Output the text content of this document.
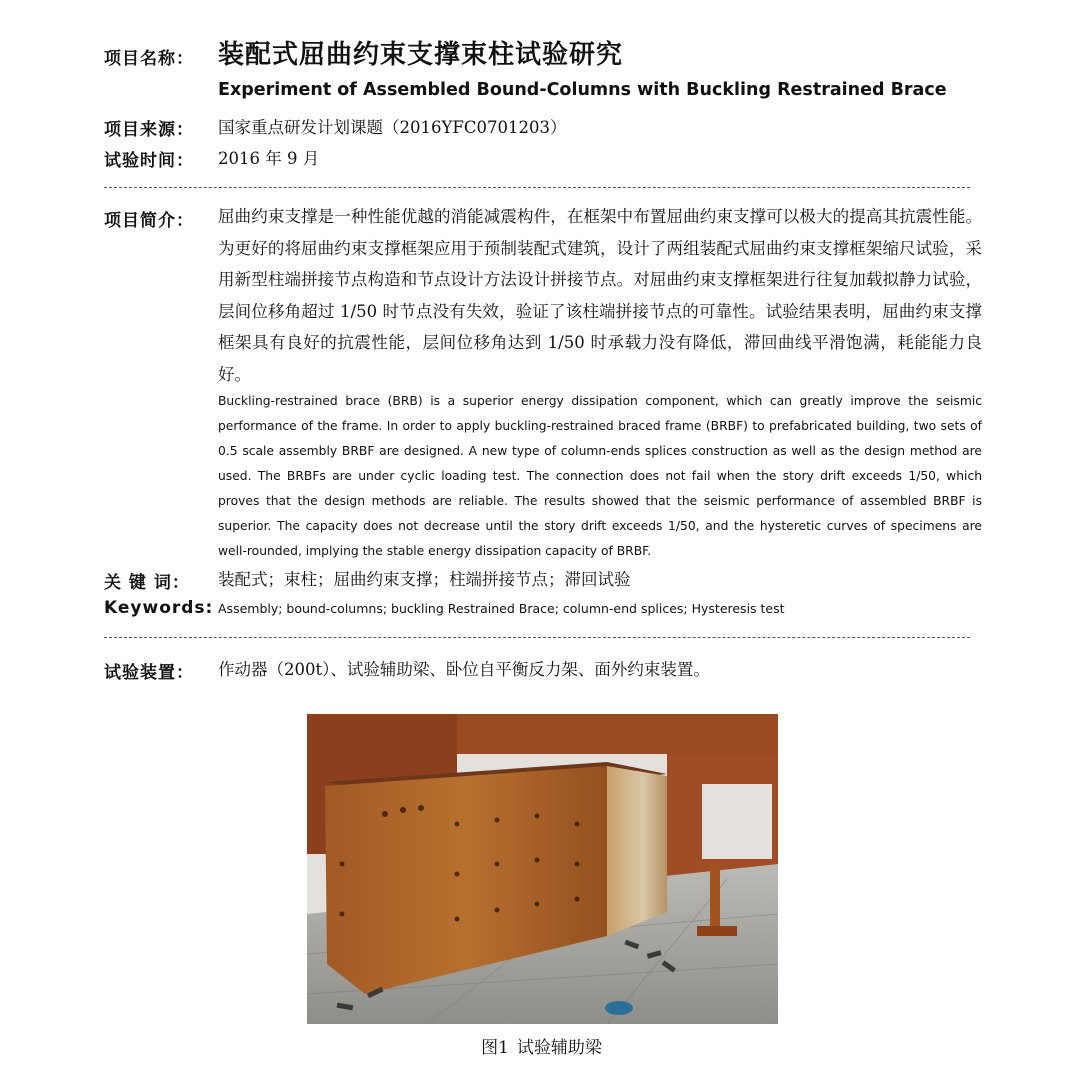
项目名称： 装配式屈曲约束支撑束柱试验研究
Experiment of Assembled Bound-Columns with Buckling Restrained Brace
项目来源： 国家重点研发计划课题（2016YFC0701203）
试验时间： 2016 年 9 月
项目简介： 屈曲约束支撑是一种性能优越的消能减震构件，在框架中布置屈曲约束支撑可以极大的提高其抗震性能。为更好的将屈曲约束支撑框架应用于预制装配式建筑，设计了两组装配式屈曲约束支撑框架缩尺试验，采用新型柱端拼接节点构造和节点设计方法设计拼接节点。对屈曲约束支撑框架进行往复加载拟静力试验，层间位移角超过 1/50 时节点没有失效，验证了该柱端拼接节点的可靠性。试验结果表明，屈曲约束支撑框架具有良好的抗震性能，层间位移角达到 1/50 时承载力没有降低，滞回曲线平滑饱满，耗能能力良好。
Buckling-restrained brace (BRB) is a superior energy dissipation component, which can greatly improve the seismic performance of the frame. In order to apply buckling-restrained braced frame (BRBF) to prefabricated building, two sets of 0.5 scale assembly BRBF are designed. A new type of column-ends splices construction as well as the design method are used. The BRBFs are under cyclic loading test. The connection does not fail when the story drift exceeds 1/50, which proves that the design methods are reliable. The results showed that the seismic performance of assembled BRBF is superior. The capacity does not decrease until the story drift exceeds 1/50, and the hysteretic curves of specimens are well-rounded, implying the stable energy dissipation capacity of BRBF.
关 键 词： 装配式；束柱；屈曲约束支撑；柱端拼接节点；滞回试验
Keywords: Assembly; bound-columns; buckling Restrained Brace; column-end splices; Hysteresis test
试验装置： 作动器（200t）、试验辅助梁、卧位自平衡反力架、面外约束装置。
图1 试验辅助梁
